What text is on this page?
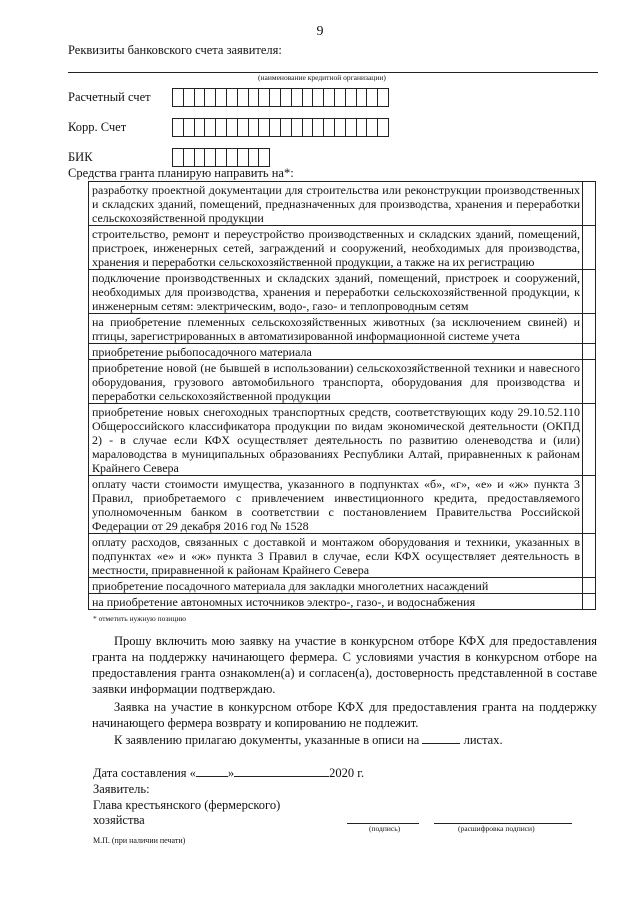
9
Реквизиты банковского счета заявителя:
(наименование кредитной организации)
Расчетный счет
Корр. Счет
БИК
Средства гранта планирую направить на*:
разработку проектной документации для строительства или реконструкции производственных и складских зданий, помещений, предназначенных для производства, хранения и переработки сельскохозяйственной продукции	
строительство, ремонт и переустройство производственных и складских зданий, помещений, пристроек, инженерных сетей, заграждений и сооружений, необходимых для производства, хранения и переработки сельскохозяйственной продукции, а также на их регистрацию	
подключение производственных и складских зданий, помещений, пристроек и сооружений, необходимых для производства, хранения и переработки сельскохозяйственной продукции, к инженерным сетям: электрическим, водо-, газо- и теплопроводным сетям	
на приобретение племенных сельскохозяйственных животных (за исключением свиней) и птицы, зарегистрированных в автоматизированной информационной системе учета	
приобретение рыбопосадочного материала	
приобретение новой (не бывшей в использовании) сельскохозяйственной техники и навесного оборудования, грузового автомобильного транспорта, оборудования для производства и переработки сельскохозяйственной продукции	
приобретение новых снегоходных транспортных средств, соответствующих коду 29.10.52.110 Общероссийского классификатора продукции по видам экономической деятельности (ОКПД 2) - в случае если КФХ осуществляет деятельность по развитию оленеводства и (или) мараловодства в муниципальных образованиях Республики Алтай, приравненных к районам Крайнего Севера	
оплату части стоимости имущества, указанного в подпунктах «б», «г», «е» и «ж» пункта 3 Правил, приобретаемого с привлечением инвестиционного кредита, предоставляемого уполномоченным банком в соответствии с постановлением Правительства Российской Федерации от 29 декабря 2016 год № 1528	
оплату расходов, связанных с доставкой и монтажом оборудования и техники, указанных в подпунктах «е» и «ж» пункта 3 Правил в случае, если КФХ осуществляет деятельность в местности, приравненной к районам Крайнего Севера	
приобретение посадочного материала для закладки многолетних насаждений	
на приобретение автономных источников электро-, газо-, и водоснабжения	
* отметить нужную позицию
Прошу включить мою заявку на участие в конкурсном отборе КФХ для предоставления гранта на поддержку начинающего фермера. С условиями участия в конкурсном отборе на предоставления гранта ознакомлен(а) и согласен(а), достоверность представленной в составе заявки информации подтверждаю.
Заявка на участие в конкурсном отборе КФХ для предоставления гранта на поддержку начинающего фермера возврату и копированию не подлежит.
К заявлению прилагаю документы, указанные в описи на	листах.
Дата составления «	»	2020 г.
Заявитель:
Глава крестьянского (фермерского)
хозяйства
(подпись)	(расшифровка подписи)
М.П. (при наличии печати)
